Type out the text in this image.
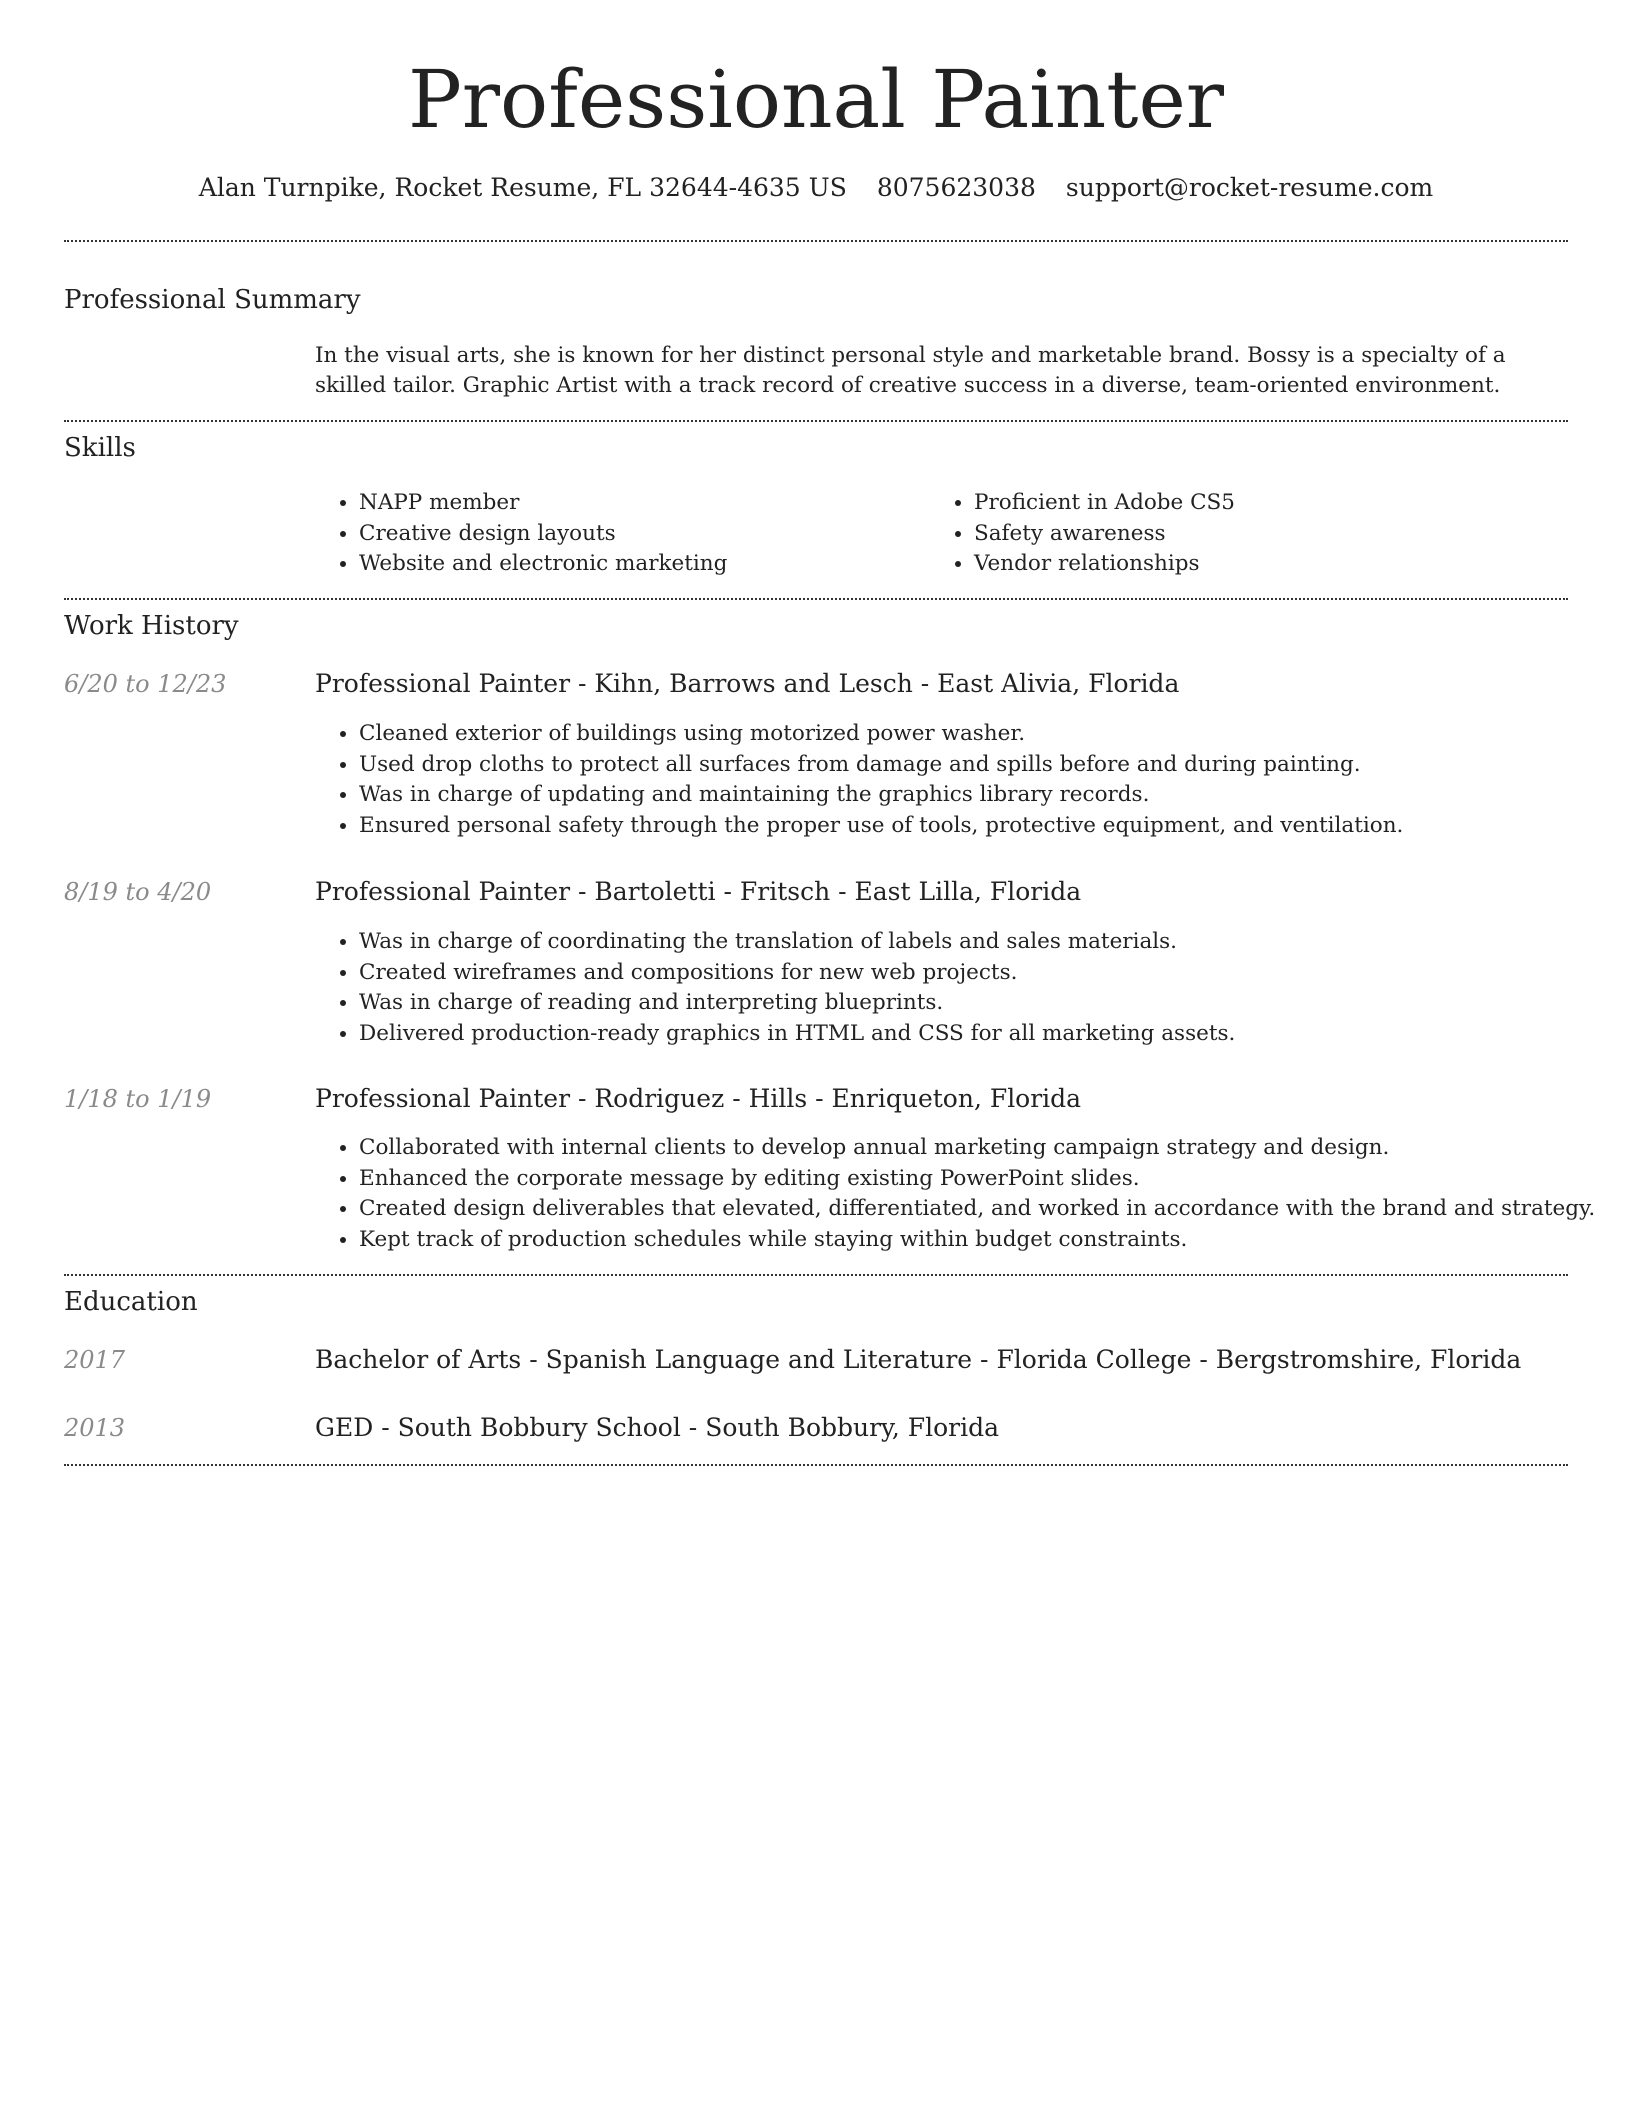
Professional Painter
Alan Turnpike, Rocket Resume, FL 32644-4635 US 8075623038 support@rocket-resume.com
Professional Summary
In the visual arts, she is known for her distinct personal style and marketable brand. Bossy is a specialty of a skilled tailor. Graphic Artist with a track record of creative success in a diverse, team-oriented environment.
Skills
• NAPP member
• Creative design layouts
• Website and electronic marketing
• Proficient in Adobe CS5
• Safety awareness
• Vendor relationships
Work History
6/20 to 12/23	Professional Painter - Kihn, Barrows and Lesch - East Alivia, Florida
• Cleaned exterior of buildings using motorized power washer.
• Used drop cloths to protect all surfaces from damage and spills before and during painting.
• Was in charge of updating and maintaining the graphics library records.
• Ensured personal safety through the proper use of tools, protective equipment, and ventilation.
8/19 to 4/20	Professional Painter - Bartoletti - Fritsch - East Lilla, Florida
• Was in charge of coordinating the translation of labels and sales materials.
• Created wireframes and compositions for new web projects.
• Was in charge of reading and interpreting blueprints.
• Delivered production-ready graphics in HTML and CSS for all marketing assets.
1/18 to 1/19	Professional Painter - Rodriguez - Hills - Enriqueton, Florida
• Collaborated with internal clients to develop annual marketing campaign strategy and design.
• Enhanced the corporate message by editing existing PowerPoint slides.
• Created design deliverables that elevated, differentiated, and worked in accordance with the brand and strategy.
• Kept track of production schedules while staying within budget constraints.
Education
2017	Bachelor of Arts - Spanish Language and Literature - Florida College - Bergstromshire, Florida
2013	GED - South Bobbury School - South Bobbury, Florida
